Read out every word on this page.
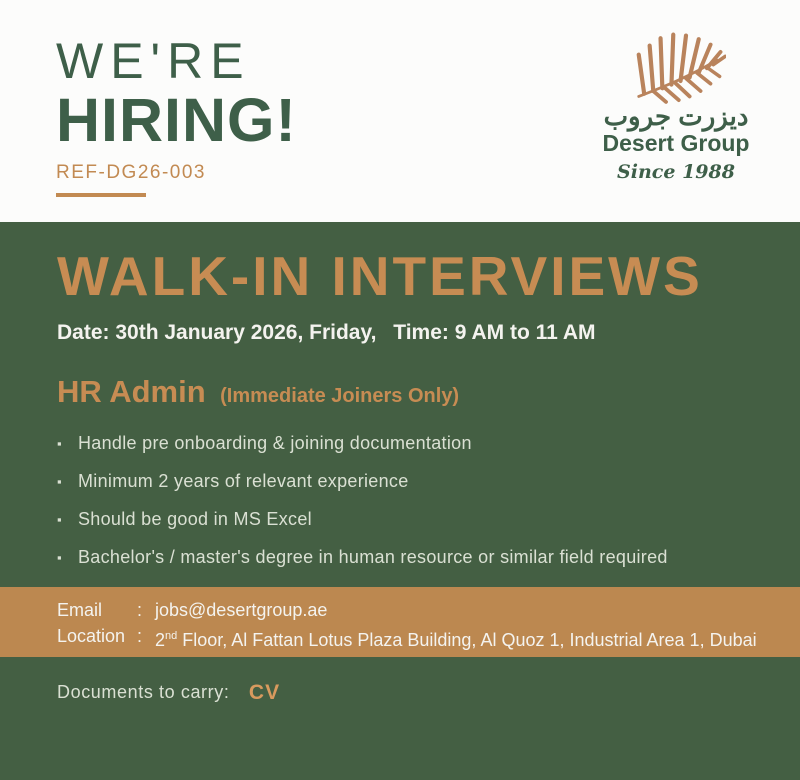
WE'RE
HIRING!
REF-DG26-003
ديزرت جروب
Desert Group
Since 1988
WALK-IN INTERVIEWS
Date: 30th January 2026, Friday, Time: 9 AM to 11 AM
HR Admin (Immediate Joiners Only)
▪ Handle pre onboarding & joining documentation
▪ Minimum 2 years of relevant experience
▪ Should be good in MS Excel
▪ Bachelor's / master's degree in human resource or similar field required
Email	: jobs@desertgroup.ae
Location : 2nd Floor, Al Fattan Lotus Plaza Building, Al Quoz 1, Industrial Area 1, Dubai
Documents to carry: CV
